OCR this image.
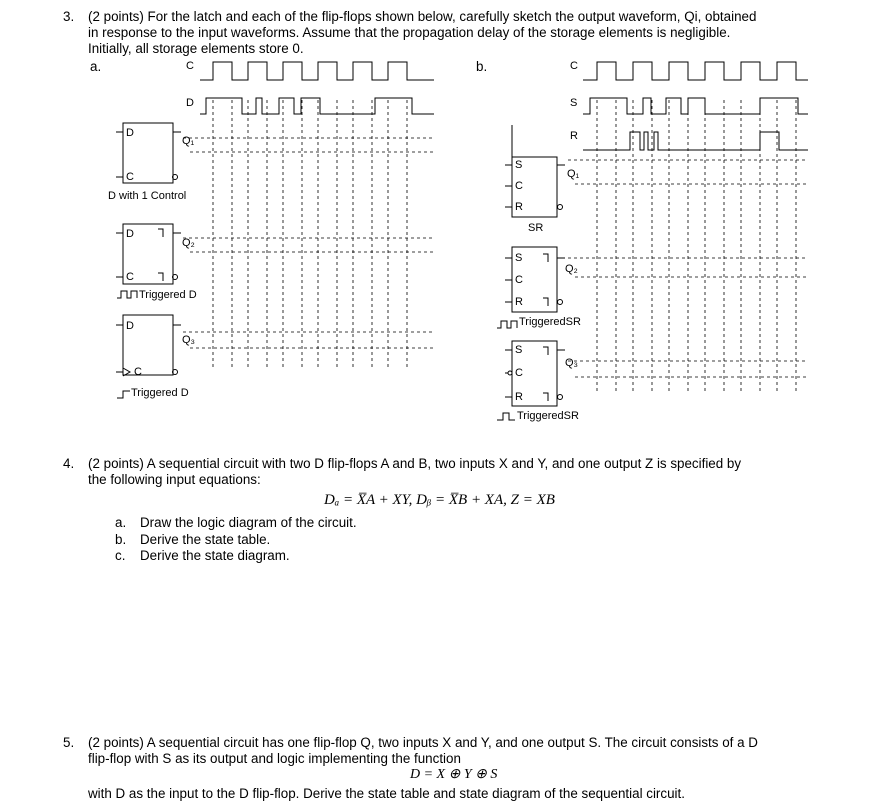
3. (2 points) For the latch and each of the flip-flops shown below, carefully sketch the output waveform, Qi, obtained

in response to the input waveforms. Assume that the propagation delay of the storage elements is negligible.

Initially, all storage elements store 0.

a.	b.

C

D

D

C

Q₁

D with 1 Control

D

C

Q₂

Triggered D

D

C

Q₃

Triggered D

C

S

R

S

C

R

Q₁

SR

S

C

R

Q₂

TriggeredSR

S

C

R

Q₃

TriggeredSR

4. (2 points) A sequential circuit with two D flip-flops A and B, two inputs X and Y, and one output Z is specified by

the following input equations:

Dₐ = X̅A + XY, Dᵦ = X̅B + XA, Z = XB

a. Draw the logic diagram of the circuit.

b. Derive the state table.

c. Derive the state diagram.

5. (2 points) A sequential circuit has one flip-flop Q, two inputs X and Y, and one output S. The circuit consists of a D

flip-flop with S as its output and logic implementing the function

D = X ⊕ Y ⊕ S

with D as the input to the D flip-flop. Derive the state table and state diagram of the sequential circuit.
